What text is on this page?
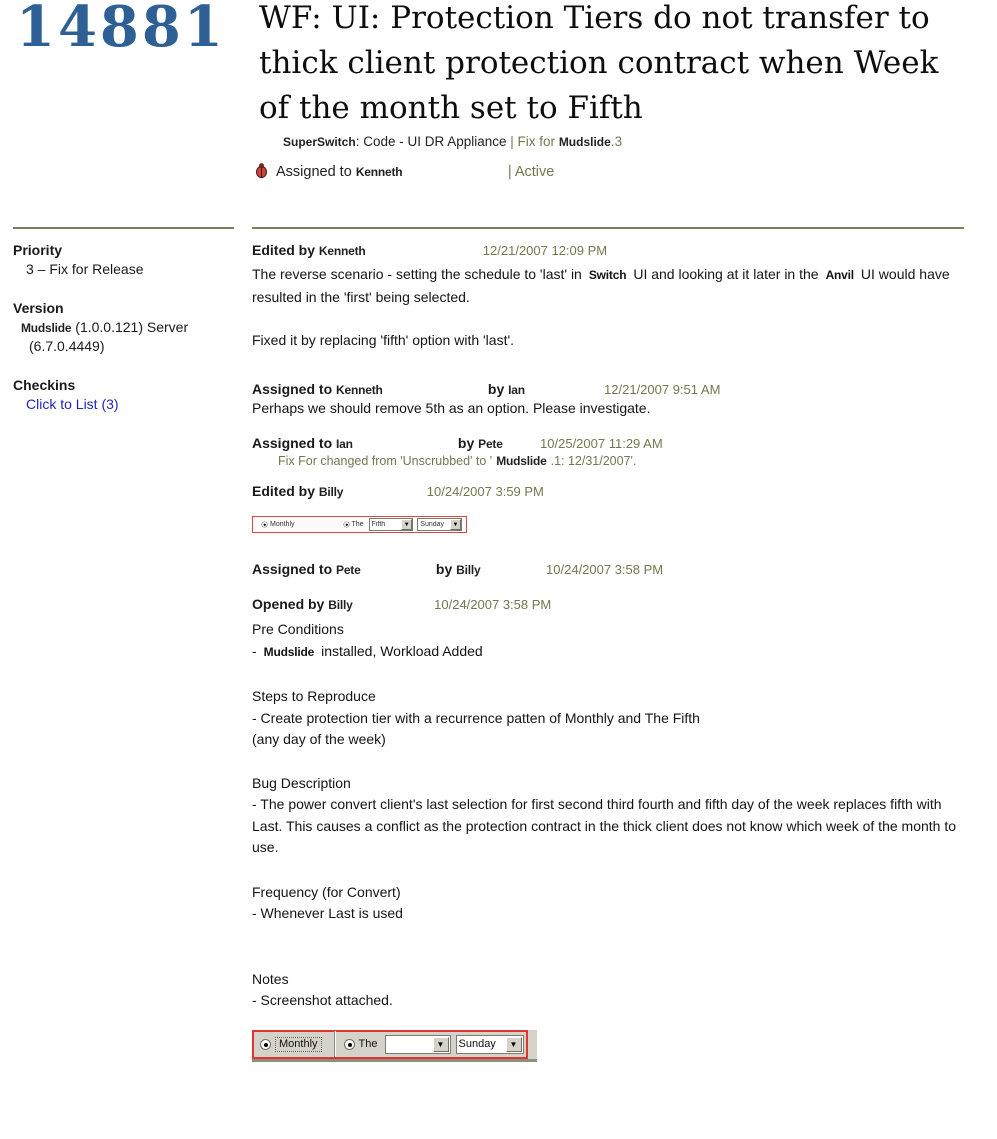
14881 WF: UI: Protection Tiers do not transfer to thick client protection contract when Week of the month set to Fifth
SuperSwitch: Code - UI DR Appliance | Fix for Mudslide.3
Assigned to Kenneth	| Active
Priority
3 – Fix for Release
Version
Mudslide (1.0.0.121) Server
(6.7.0.4449)
Checkins
Click to List (3)
Edited by Kenneth	12/21/2007 12:09 PM
The reverse scenario - setting the schedule to 'last' in Switch UI and looking at it later in the Anvil UI would have resulted in the 'first' being selected.
Fixed it by replacing 'fifth' option with 'last'.
Assigned to Kenneth	by Ian	12/21/2007 9:51 AM
Perhaps we should remove 5th as an option. Please investigate.
Assigned to Ian	by Pete	10/25/2007 11:29 AM
Fix For changed from 'Unscrubbed' to ' Mudslide .1: 12/31/2007'.
Edited by Billy	10/24/2007 3:59 PM
Monthly	The Fifth	▼	Sunday	▼
Assigned to Pete	by Billy	10/24/2007 3:58 PM
Opened by Billy	10/24/2007 3:58 PM
Pre Conditions
- Mudslide installed, Workload Added
Steps to Reproduce
- Create protection tier with a recurrence patten of Monthly and The Fifth
(any day of the week)
Bug Description
- The power convert client's last selection for first second third fourth and fifth day of the week replaces fifth with Last. This causes a conflict as the protection contract in the thick client does not know which week of the month to use.
Frequency (for Convert)
- Whenever Last is used
Notes
- Screenshot attached.
Monthly	The	▼	Sunday	▼
